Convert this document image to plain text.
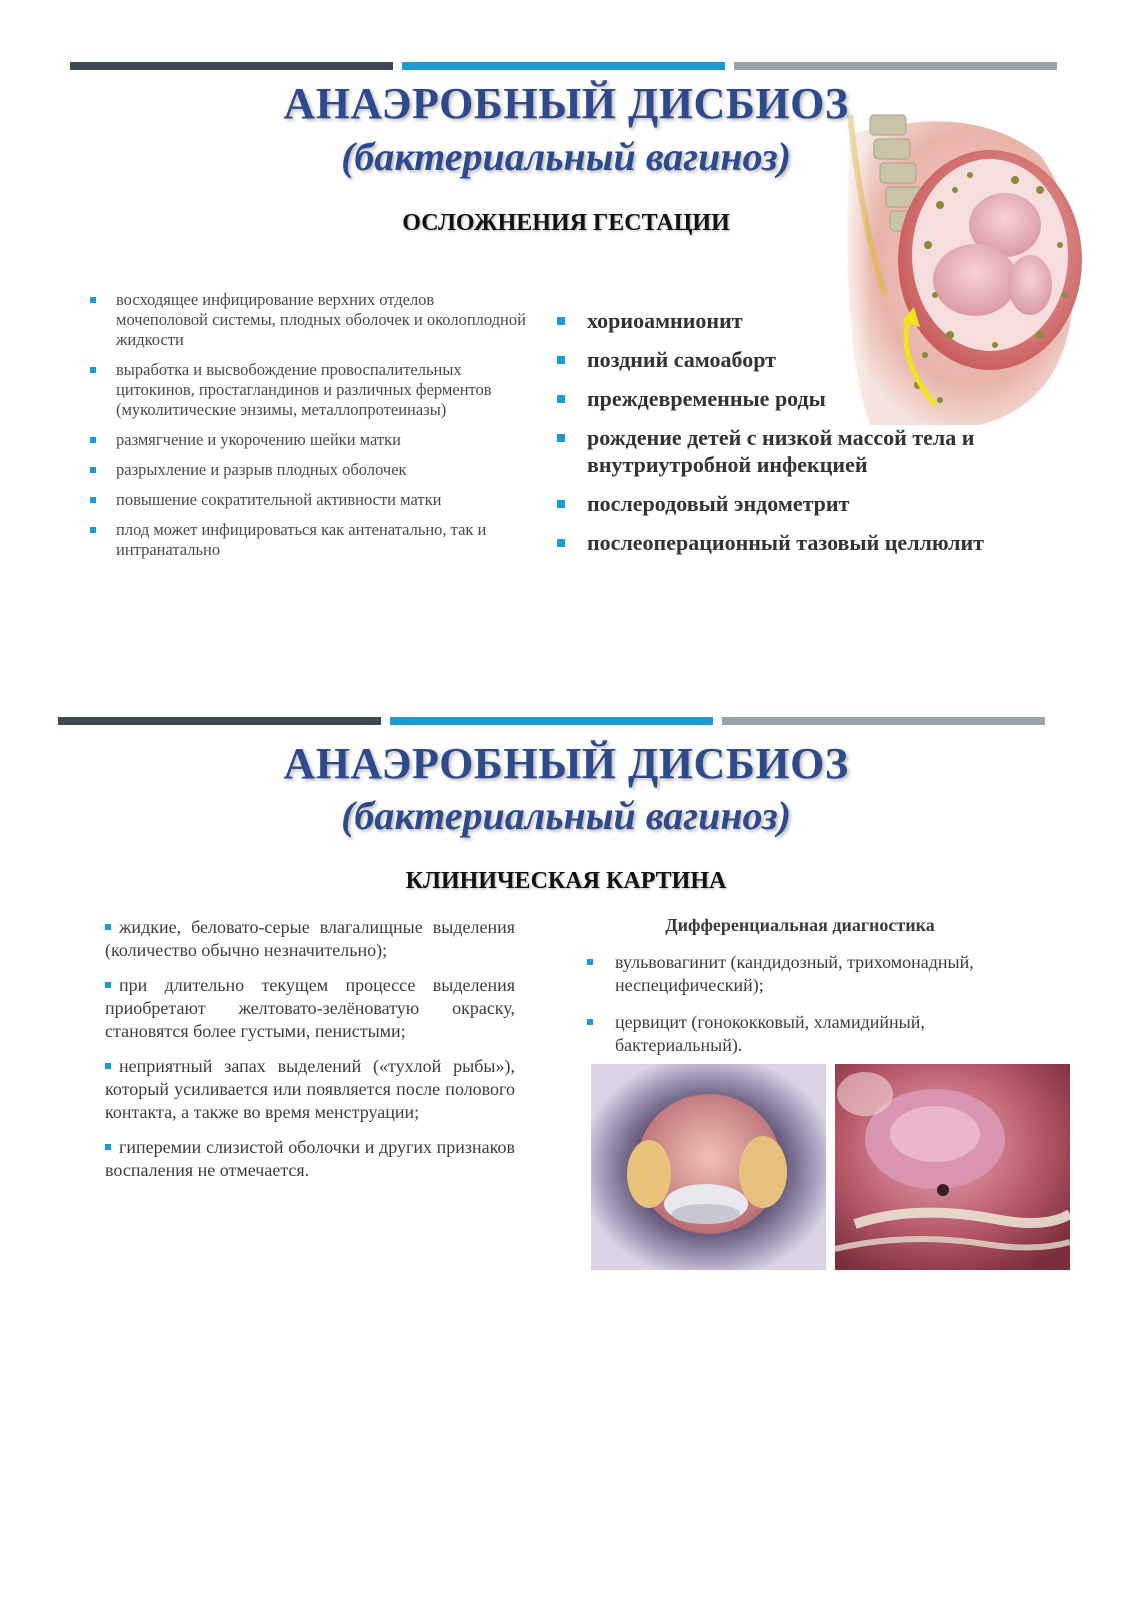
АНАЭРОБНЫЙ ДИСБИОЗ
(бактериальный вагиноз)
ОСЛОЖНЕНИЯ ГЕСТАЦИИ
восходящее инфицирование верхних отделов мочеполовой системы, плодных оболочек и околоплодной жидкости
выработка и высвобождение провоспалительных цитокинов, простагландинов и различных ферментов (муколитические энзимы, металлопротеиназы)
размягчение и укорочению шейки матки
разрыхление и разрыв плодных оболочек
повышение сократительной активности матки
плод может инфицироваться как антенатально, так и интранатально
хориоамнионит
поздний самоаборт
преждевременные роды
рождение детей с низкой массой тела и внутриутробной инфекцией
послеродовый эндометрит
послеоперационный тазовый целлюлит
АНАЭРОБНЫЙ ДИСБИОЗ
(бактериальный вагиноз)
КЛИНИЧЕСКАЯ КАРТИНА
жидкие, беловато-серые влагалищные выделения (количество обычно незначительно);
при длительно текущем процессе выделения приобретают желтовато-зелёноватую окраску, становятся более густыми, пенистыми;
неприятный запах выделений («тухлой рыбы»), который усиливается или появляется после полового контакта, а также во время менструации;
гиперемии слизистой оболочки и других признаков воспаления не отмечается.
Дифференциальная диагностика
вульвовагинит (кандидозный, трихомонадный, неспецифический);
цервицит (гонококковый, хламидийный, бактериальный).
